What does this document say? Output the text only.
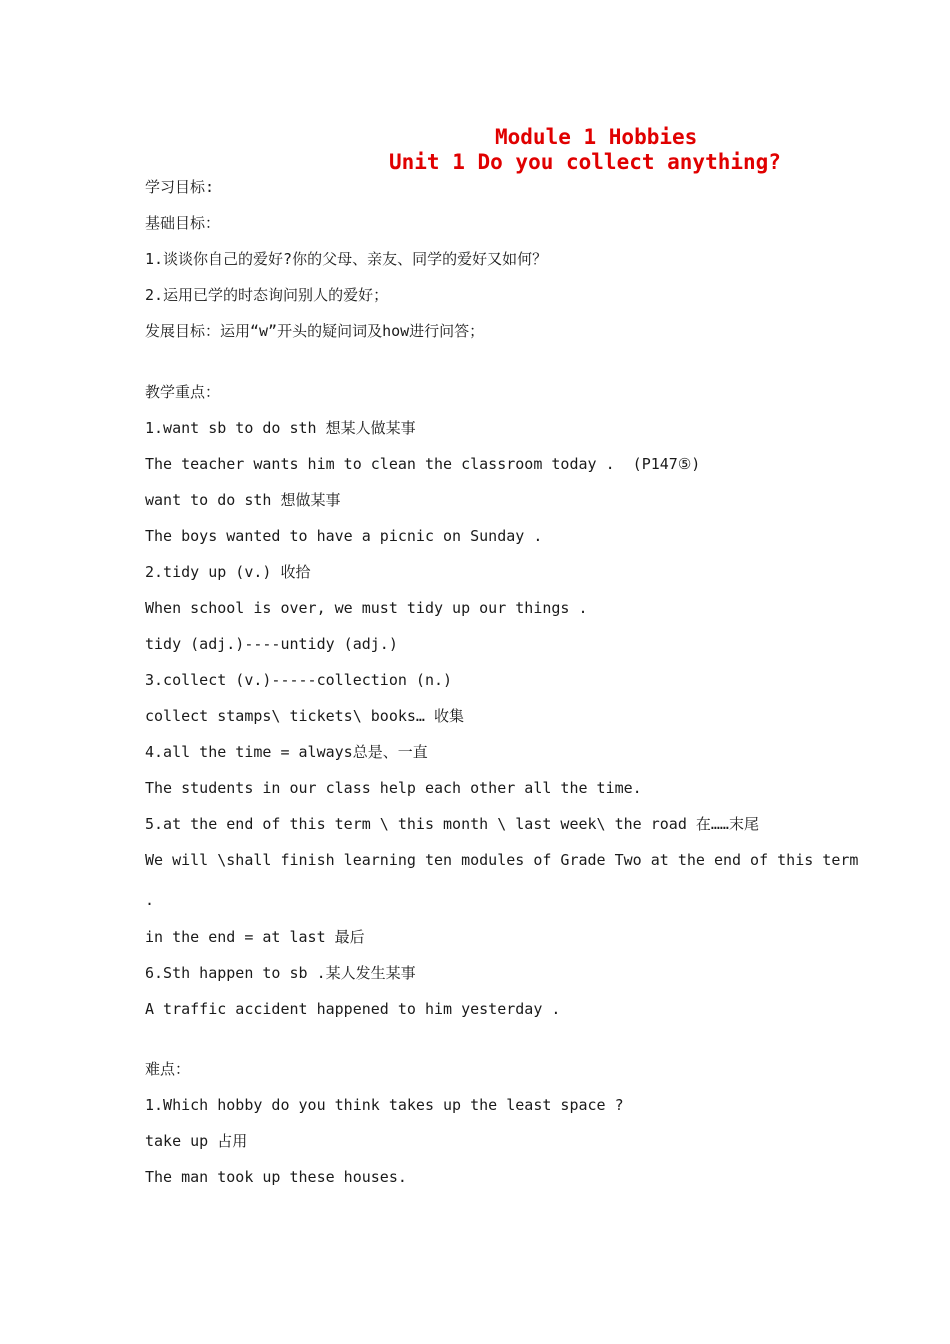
Module 1 Hobbies
Unit 1 Do you collect anything?
学习目标:
基础目标：
1.谈谈你自己的爱好?你的父母、亲友、同学的爱好又如何？
2.运用已学的时态询问别人的爱好；
发展目标：运用“w”开头的疑问词及how进行问答；
教学重点：
1.want sb to do sth 想某人做某事
The teacher wants him to clean the classroom today .  (P147⑤)
want to do sth 想做某事
The boys wanted to have a picnic on Sunday .
2.tidy up (v.) 收拾
When school is over, we must tidy up our things .
tidy (adj.)----untidy (adj.)
3.collect (v.)-----collection (n.)
collect stamps\ tickets\ books… 收集
4.all the time = always总是、一直
The students in our class help each other all the time.
5.at the end of this term \ this month \ last week\ the road 在……末尾
We will \shall finish learning ten modules of Grade Two at the end of this term
.
in the end = at last 最后
6.Sth happen to sb .某人发生某事
A traffic accident happened to him yesterday .
难点：
1.Which hobby do you think takes up the least space ?
take up 占用
The man took up these houses.
